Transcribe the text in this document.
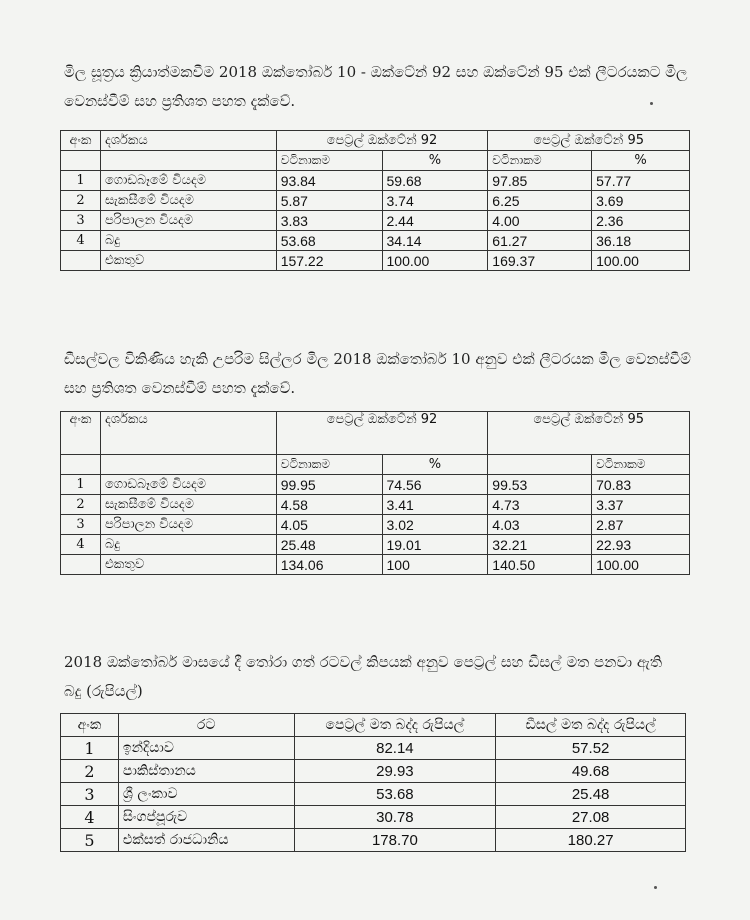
මිල සූත්‍රය ක්‍රියාත්මකවීම 2018 ඔක්තෝබර් 10 - ඔක්ටේන් 92 සහ ඔක්ටේන් 95 එක් ලීටරයකට මිල වෙනස්වීම් සහ ප්‍රතිශත පහත දැක්වේ.
අංක	දර්ශකය	පෙට්‍රල් ඔක්ටේන් 92		පෙට්‍රල් ඔක්ටේන් 95	
		වටිනාකම	%	වටිනාකම	%
1	ගොඩබෑමේ වියදම	93.84	59.68	97.85	57.77
2	සැකසීමේ වියදම	5.87	3.74	6.25	3.69
3	පරිපාලන වියදම	3.83	2.44	4.00	2.36
4	බදු	53.68	34.14	61.27	36.18
	එකතුව	157.22	100.00	169.37	100.00
ඩීසල්වල විකිණිය හැකි උපරිම සිල්ලර මිල 2018 ඔක්තෝබර් 10 අනුව එක් ලීටරයක මිල වෙනස්වීම් සහ ප්‍රතිශත වෙනස්වීම් පහත දැක්වේ.
අංක	දර්ශකය	පෙට්‍රල් ඔක්ටේන් 92		පෙට්‍රල් ඔක්ටේන් 95	
		වටිනාකම	%		වටිනාකම
1	ගොඩබෑමේ වියදම	99.95	74.56	99.53	70.83
2	සැකසීමේ වියදම	4.58	3.41	4.73	3.37
3	පරිපාලන වියදම	4.05	3.02	4.03	2.87
4	බදු	25.48	19.01	32.21	22.93
	එකතුව	134.06	100	140.50	100.00
2018 ඔක්තෝබර් මාසයේ දී තෝරා ගත් රටවල් කිපයක් අනුව පෙට්‍රල් සහ ඩීසල් මත පනවා ඇති බදු (රුපියල්)
අංක	රට	පෙට්‍රල් මත බද්ද රුපියල්	ඩීසල් මත බද්ද රුපියල්
1	ඉන්දියාව	82.14	57.52
2	පාකිස්තානය	29.93	49.68
3	ශ්‍රී ලංකාව	53.68	25.48
4	සිංගප්පූරුව	30.78	27.08
5	එක්සත් රාජධානිය	178.70	180.27
